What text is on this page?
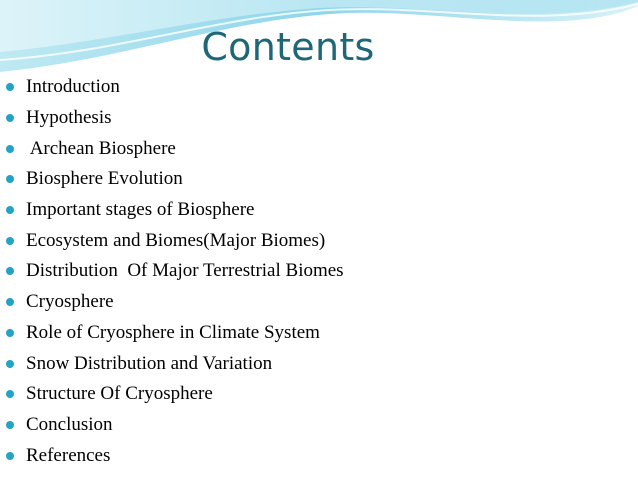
Contents
Introduction
Hypothesis
Archean Biosphere
Biosphere Evolution
Important stages of Biosphere
Ecosystem and Biomes(Major Biomes)
Distribution  Of Major Terrestrial Biomes
Cryosphere
Role of Cryosphere in Climate System
Snow Distribution and Variation
Structure Of Cryosphere
Conclusion
References
